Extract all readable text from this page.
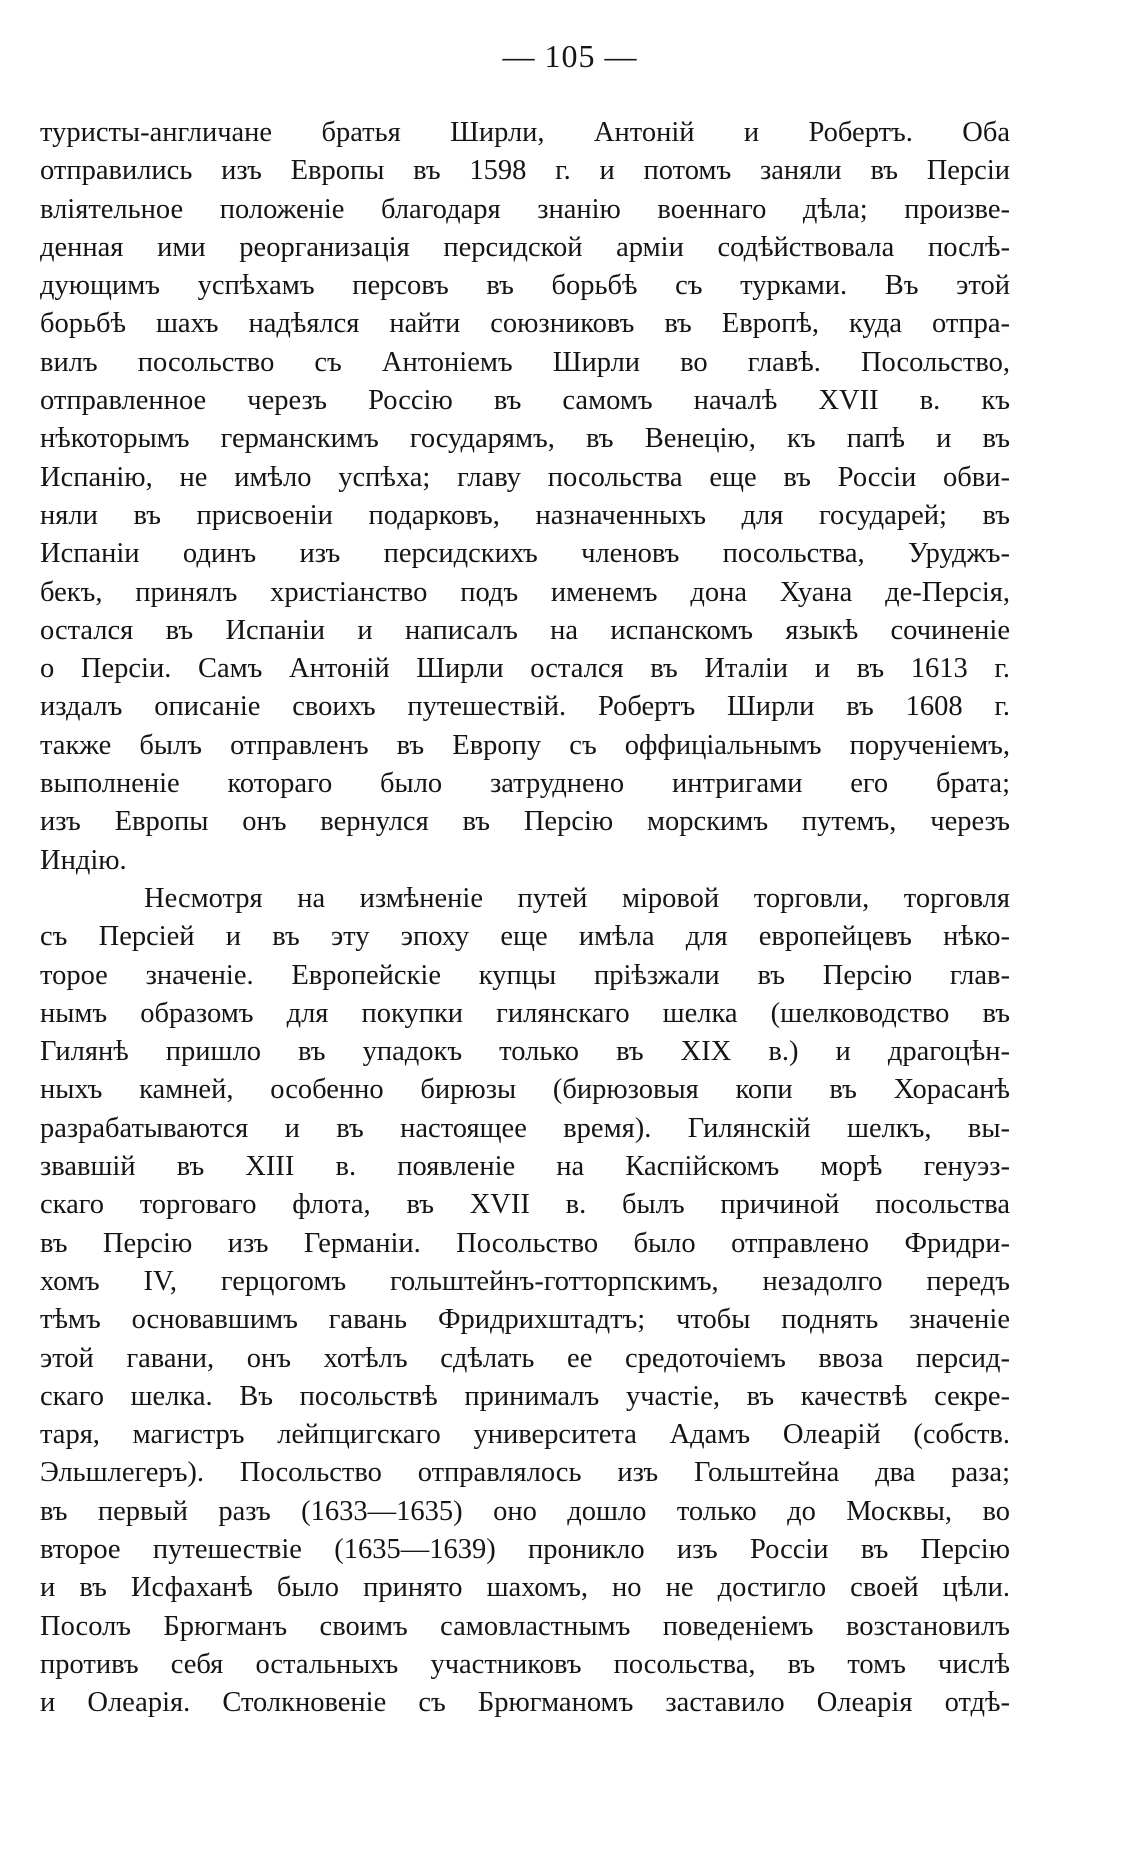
— 105 —
туристы-англичане братья Ширли, Антоній и Робертъ. Оба
отправились изъ Европы въ 1598 г. и потомъ заняли въ Персіи
вліятельное положеніе благодаря знанію военнаго дѣла; произве-
денная ими реорганизація персидской арміи содѣйствовала послѣ-
дующимъ успѣхамъ персовъ въ борьбѣ съ турками. Въ этой
борьбѣ шахъ надѣялся найти союзниковъ въ Европѣ, куда отпра-
вилъ посольство съ Антоніемъ Ширли во главѣ. Посольство,
отправленное черезъ Россію въ самомъ началѣ XVII в. къ
нѣкоторымъ германскимъ государямъ, въ Венецію, къ папѣ и въ
Испанію, не имѣло успѣха; главу посольства еще въ Россіи обви-
няли въ присвоеніи подарковъ, назначенныхъ для государей; въ
Испаніи одинъ изъ персидскихъ членовъ посольства, Уруджъ-
бекъ, принялъ христіанство подъ именемъ дона Хуана де-Персія,
остался въ Испаніи и написалъ на испанскомъ языкѣ сочиненіе
о Персіи. Самъ Антоній Ширли остался въ Италіи и въ 1613 г.
издалъ описаніе своихъ путешествій. Робертъ Ширли въ 1608 г.
также былъ отправленъ въ Европу съ оффиціальнымъ порученіемъ,
выполненіе котораго было затруднено интригами его брата;
изъ Европы онъ вернулся въ Персію морскимъ путемъ, черезъ
Индію.
Несмотря на измѣненіе путей міровой торговли, торговля
съ Персіей и въ эту эпоху еще имѣла для европейцевъ нѣко-
торое значеніе. Европейскіе купцы пріѣзжали въ Персію глав-
нымъ образомъ для покупки гилянскаго шелка (шелководство въ
Гилянѣ пришло въ упадокъ только въ XIX в.) и драгоцѣн-
ныхъ камней, особенно бирюзы (бирюзовыя копи въ Хорасанѣ
разрабатываются и въ настоящее время). Гилянскій шелкъ, вы-
звавшій въ XIII в. появленіе на Каспійскомъ морѣ генуэз-
скаго торговаго флота, въ XVII в. былъ причиной посольства
въ Персію изъ Германіи. Посольство было отправлено Фридри-
хомъ IV, герцогомъ гольштейнъ-готторпскимъ, незадолго передъ
тѣмъ основавшимъ гавань Фридрихштадтъ; чтобы поднять значеніе
этой гавани, онъ хотѣлъ сдѣлать ее средоточіемъ ввоза персид-
скаго шелка. Въ посольствѣ принималъ участіе, въ качествѣ секре-
таря, магистръ лейпцигскаго университета Адамъ Олеарій (собств.
Эльшлегеръ). Посольство отправлялось изъ Гольштейна два раза;
въ первый разъ (1633—1635) оно дошло только до Москвы, во
второе путешествіе (1635—1639) проникло изъ Россіи въ Персію
и въ Исфаханѣ было принято шахомъ, но не достигло своей цѣли.
Посолъ Брюгманъ своимъ самовластнымъ поведеніемъ возстановилъ
противъ себя остальныхъ участниковъ посольства, въ томъ числѣ
и Олеарія. Столкновеніе съ Брюгманомъ заставило Олеарія отдѣ-
